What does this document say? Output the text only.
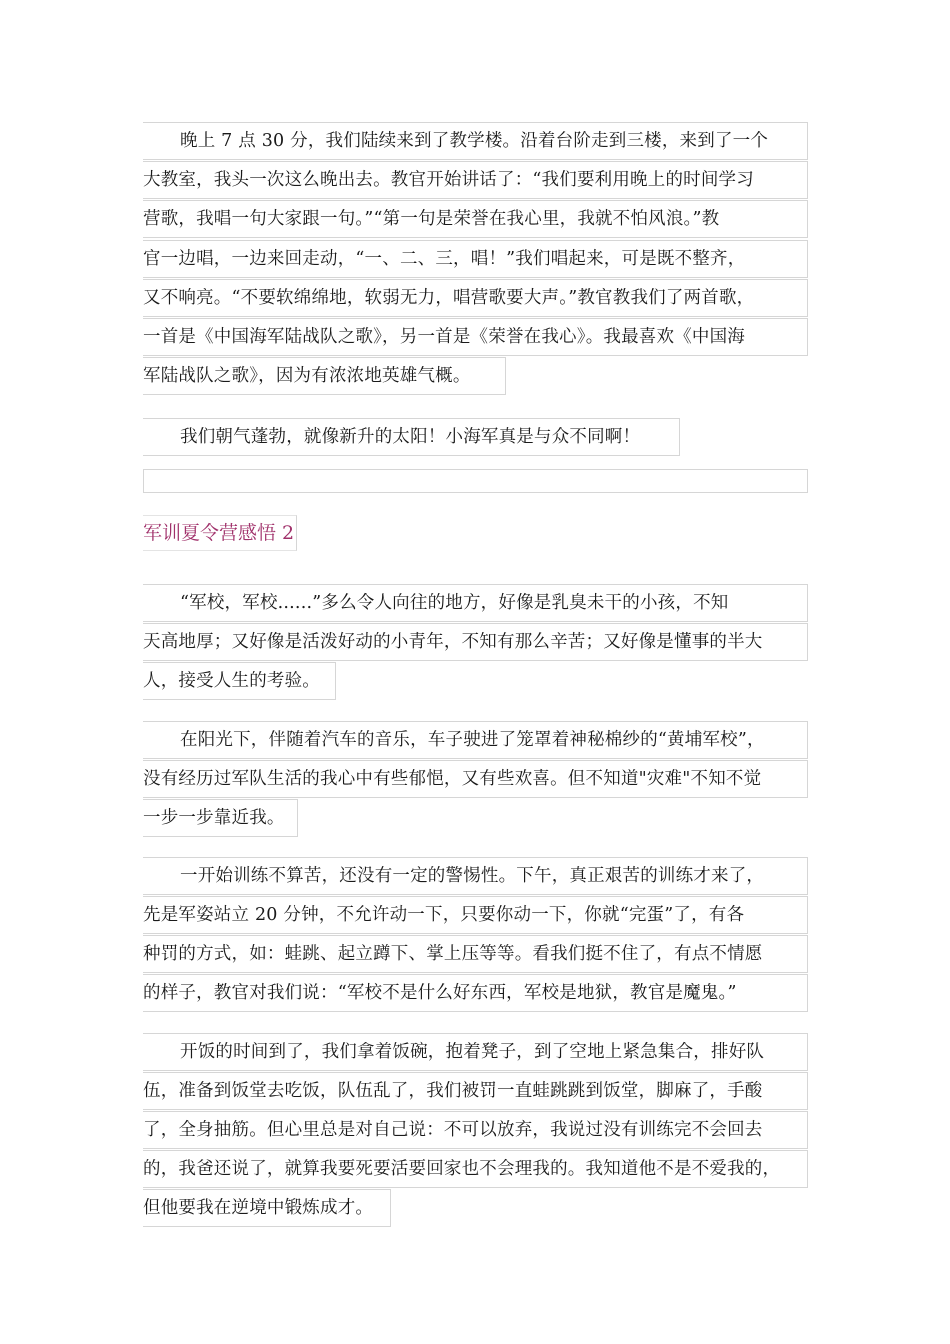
晚上 7 点 30 分，我们陆续来到了教学楼。沿着台阶走到三楼，来到了一个
大教室，我头一次这么晚出去。教官开始讲话了：“我们要利用晚上的时间学习
营歌，我唱一句大家跟一句。”“第一句是荣誉在我心里，我就不怕风浪。”教
官一边唱，一边来回走动，“一、二、三，唱！”我们唱起来，可是既不整齐，
又不响亮。“不要软绵绵地，软弱无力，唱营歌要大声。”教官教我们了两首歌，
一首是《中国海军陆战队之歌》，另一首是《荣誉在我心》。我最喜欢《中国海
军陆战队之歌》，因为有浓浓地英雄气概。
我们朝气蓬勃，就像新升的太阳！小海军真是与众不同啊！
军训夏令营感悟 2
“军校，军校......”多么令人向往的地方，好像是乳臭未干的小孩，不知
天高地厚；又好像是活泼好动的小青年，不知有那么辛苦；又好像是懂事的半大
人，接受人生的考验。
在阳光下，伴随着汽车的音乐，车子驶进了笼罩着神秘棉纱的“黄埔军校”，
没有经历过军队生活的我心中有些郁悒，又有些欢喜。但不知道"灾难"不知不觉
一步一步靠近我。
一开始训练不算苦，还没有一定的警惕性。下午，真正艰苦的训练才来了，
先是军姿站立 20 分钟，不允许动一下，只要你动一下，你就“完蛋”了，有各
种罚的方式，如：蛙跳、起立蹲下、掌上压等等。看我们挺不住了，有点不情愿
的样子，教官对我们说：“军校不是什么好东西，军校是地狱，教官是魔鬼。”
开饭的时间到了，我们拿着饭碗，抱着凳子，到了空地上紧急集合，排好队
伍，准备到饭堂去吃饭，队伍乱了，我们被罚一直蛙跳跳到饭堂，脚麻了，手酸
了，全身抽筋。但心里总是对自己说：不可以放弃，我说过没有训练完不会回去
的，我爸还说了，就算我要死要活要回家也不会理我的。我知道他不是不爱我的，
但他要我在逆境中锻炼成才。
